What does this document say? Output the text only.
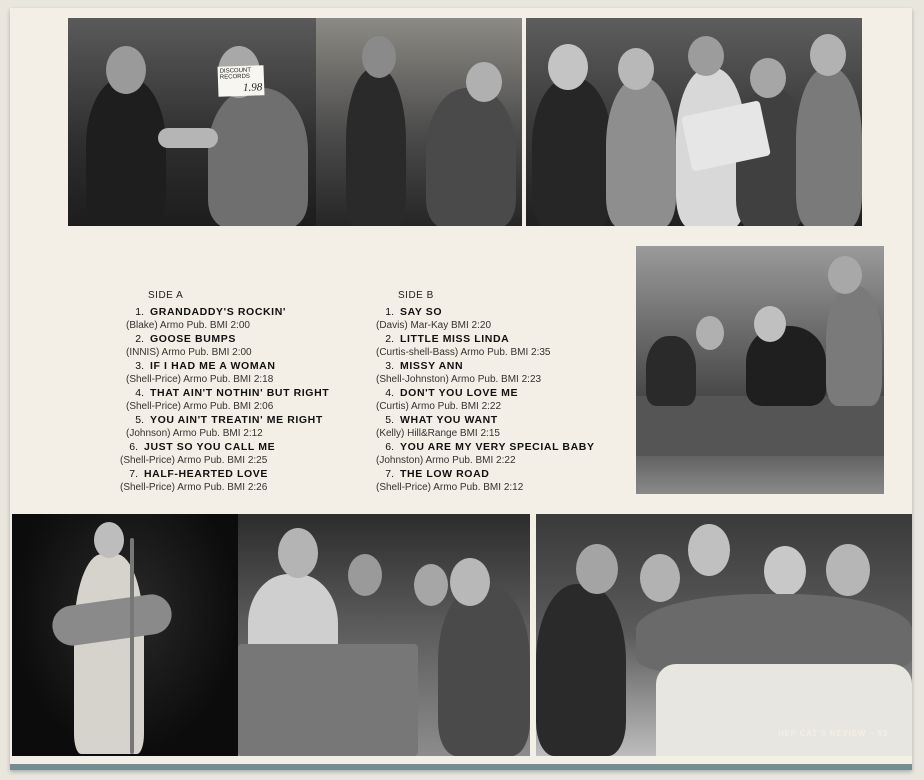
DISCOUNT RECORDS
1.98
SIDE A	SIDE B
1. GRANDADDY'S ROCKIN'
(Blake) Armo Pub. BMI 2:00
2. GOOSE BUMPS
(INNIS) Armo Pub. BMI 2:00
3. IF I HAD ME A WOMAN
(Shell-Price) Armo Pub. BMI 2:18
4. THAT AIN'T NOTHIN' BUT RIGHT
(Shell-Price) Armo Pub. BMI 2:06
5. YOU AIN'T TREATIN' ME RIGHT
(Johnson) Armo Pub. BMI 2:12
6. JUST SO YOU CALL ME
(Shell-Price) Armo Pub. BMI 2:25
7. HALF-HEARTED LOVE
(Shell-Price) Armo Pub. BMI 2:26
1. SAY SO
(Davis) Mar-Kay BMI 2:20
2. LITTLE MISS LINDA
(Curtis-shell-Bass) Armo Pub. BMI 2:35
3. MISSY ANN
(Shell-Johnston) Armo Pub. BMI 2:23
4. DON'T YOU LOVE ME
(Curtis) Armo Pub. BMI 2:22
5. WHAT YOU WANT
(Kelly) Hill&Range BMI 2:15
6. YOU ARE MY VERY SPECIAL BABY
(Johnston) Armo Pub. BMI 2:22
7. THE LOW ROAD
(Shell-Price) Armo Pub. BMI 2:12
HEP CAT'S REVIEW – 53
